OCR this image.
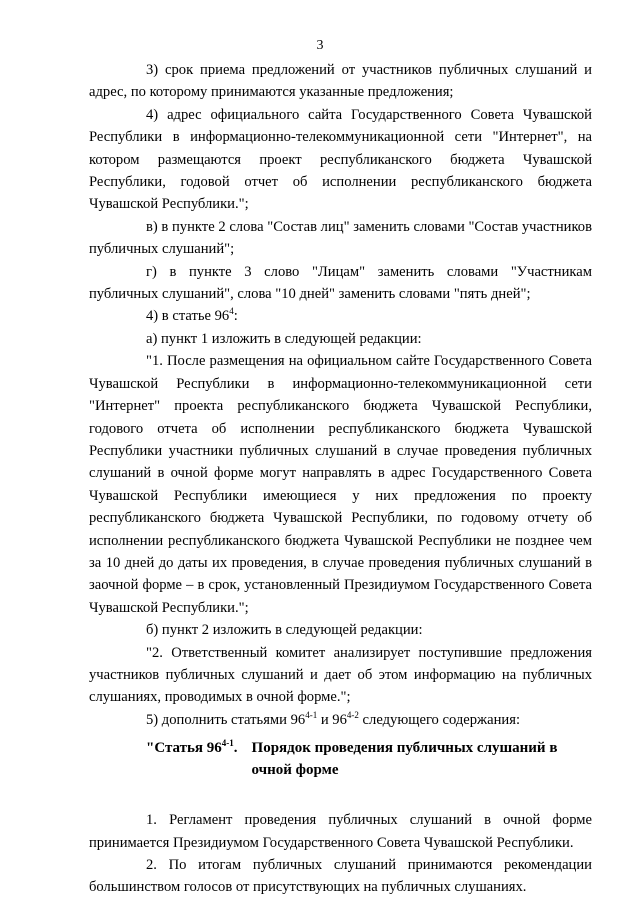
3

3) срок приема предложений от участников публичных слушаний и адрес, по которому принимаются указанные предложения;

4) адрес официального сайта Государственного Совета Чувашской Республики в информационно-телекоммуникационной сети "Интернет", на котором размещаются проект республиканского бюджета Чувашской Республики, годовой отчет об исполнении республиканского бюджета Чувашской Республики.";

в) в пункте 2 слова "Состав лиц" заменить словами "Состав участников публичных слушаний";

г) в пункте 3 слово "Лицам" заменить словами "Участникам публичных слушаний", слова "10 дней" заменить словами "пять дней";

4) в статье $96^4$:

а) пункт 1 изложить в следующей редакции:

"1. После размещения на официальном сайте Государственного Совета Чувашской Республики в информационно-телекоммуникационной сети "Интернет" проекта республиканского бюджета Чувашской Республики, годового отчета об исполнении республиканского бюджета Чувашской Республики участники публичных слушаний в случае проведения публичных слушаний в очной форме могут направлять в адрес Государственного Совета Чувашской Республики имеющиеся у них предложения по проекту республиканского бюджета Чувашской Республики, по годовому отчету об исполнении республиканского бюджета Чувашской Республики не позднее чем за 10 дней до даты их проведения, в случае проведения публичных слушаний в заочной форме – в срок, установленный Президиумом Государственного Совета Чувашской Республики.";

б) пункт 2 изложить в следующей редакции:

"2. Ответственный комитет анализирует поступившие предложения участников публичных слушаний и дает об этом информацию на публичных слушаниях, проводимых в очной форме.";

5) дополнить статьями 96$^{4-1}$ и 96$^{4-2}$ следующего содержания:

"Статья 96$^{4-1}$. Порядок проведения публичных слушаний в очной форме

1. Регламент проведения публичных слушаний в очной форме принимается Президиумом Государственного Совета Чувашской Республики.

2. По итогам публичных слушаний принимаются рекомендации большинством голосов от присутствующих на публичных слушаниях.
